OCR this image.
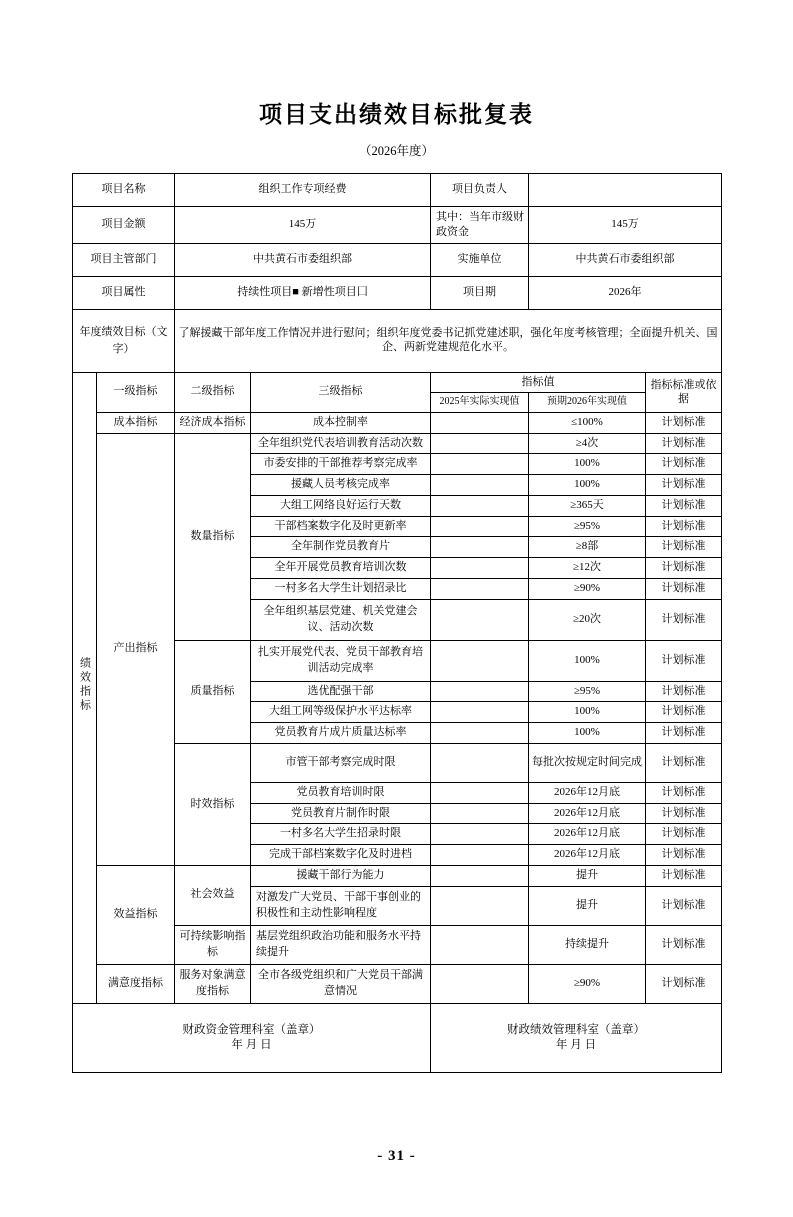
项目支出绩效目标批复表
（2026年度）
项目名称		组织工作专项经费		项目负责人		
项目金额		145万		其中：当年市级财政资金	145万	
项目主管部门		中共黄石市委组织部		实施单位	中共黄石市委组织部	
项目属性		持续性项目■ 新增性项目囗		项目期	2026年	
年度绩效目标（文字）		了解援藏干部年度工作情况并进行慰问；组织年度党委书记抓党建述职，强化年度考核管理；全面提升机关、国企、两新党建规范化水平。				
绩效指标	一级指标	二级指标	三级指标	指标值		指标标准或依据
				2025年实际实现值	预期2026年实现值	
	成本指标	经济成本指标	成本控制率		≤100%	计划标准
	产出指标	数量指标	全年组织党代表培训教育活动次数		≥4次	计划标准
			市委安排的干部推荐考察完成率		100%	计划标准
			援藏人员考核完成率		100%	计划标准
			大组工网络良好运行天数		≥365天	计划标准
			干部档案数字化及时更新率		≥95%	计划标准
			全年制作党员教育片		≥8部	计划标准
			全年开展党员教育培训次数		≥12次	计划标准
			一村多名大学生计划招录比		≥90%	计划标准
			全年组织基层党建、机关党建会议、活动次数		≥20次	计划标准
		质量指标	扎实开展党代表、党员干部教育培训活动完成率		100%	计划标准
			选优配强干部		≥95%	计划标准
			大组工网等级保护水平达标率		100%	计划标准
			党员教育片成片质量达标率		100%	计划标准
		时效指标	市管干部考察完成时限		每批次按规定时间完成	计划标准
			党员教育培训时限		2026年12月底	计划标准
			党员教育片制作时限		2026年12月底	计划标准
			一村多名大学生招录时限		2026年12月底	计划标准
			完成干部档案数字化及时进档		2026年12月底	计划标准
	效益指标	社会效益	援藏干部行为能力		提升	计划标准
			对激发广大党员、干部干事创业的积极性和主动性影响程度		提升	计划标准
		可持续影响指标	基层党组织政治功能和服务水平持续提升		持续提升	计划标准
	满意度指标	服务对象满意度指标	全市各级党组织和广大党员干部满意情况		≥90%	计划标准

财政资金管理科室（盖章）
年 月 日

财政绩效管理科室（盖章）
年 月 日
- 31 -
